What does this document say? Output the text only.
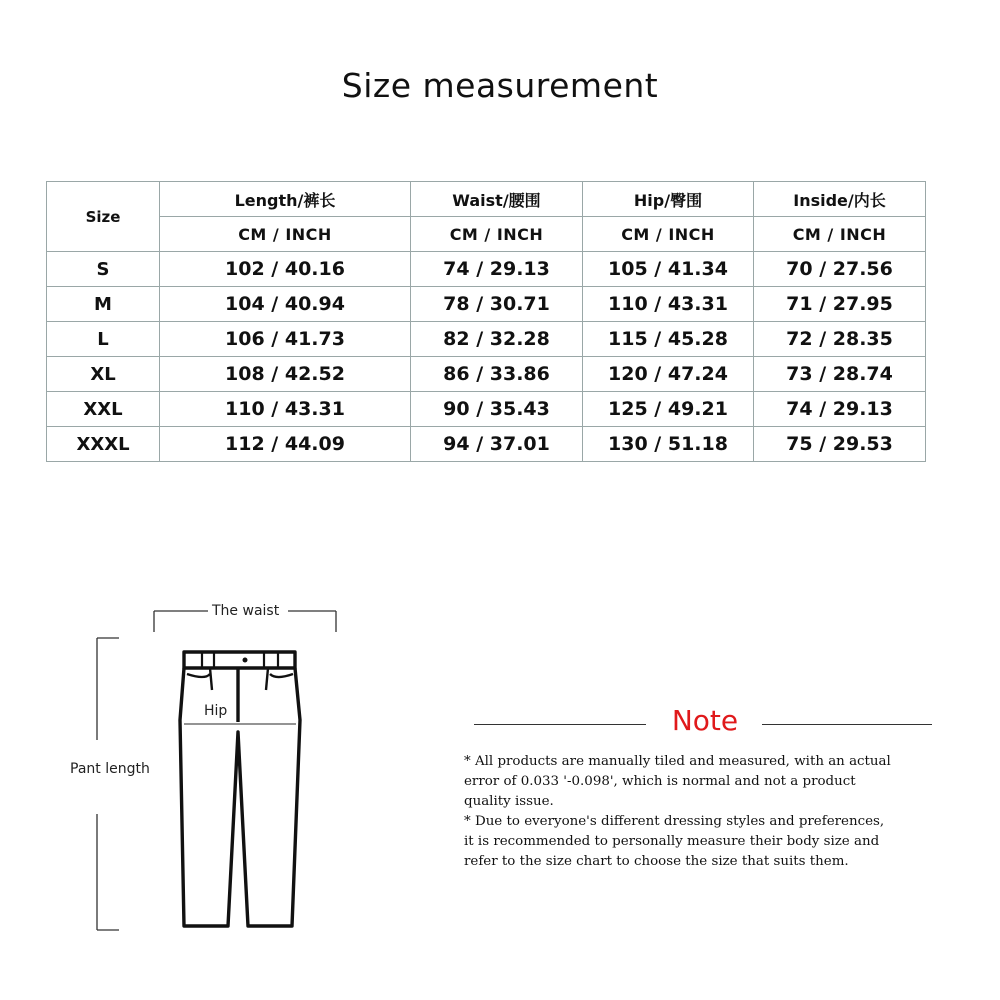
Size measurement
Size	Length/裤长	Waist/腰围	Hip/臀围	Inside/内长
	CM / INCH	CM / INCH	CM / INCH	CM / INCH
S	102 / 40.16	74 / 29.13	105 / 41.34	70 / 27.56
M	104 / 40.94	78 / 30.71	110 / 43.31	71 / 27.95
L	106 / 41.73	82 / 32.28	115 / 45.28	72 / 28.35
XL	108 / 42.52	86 / 33.86	120 / 47.24	73 / 28.74
XXL	110 / 43.31	90 / 35.43	125 / 49.21	74 / 29.13
XXXL	112 / 44.09	94 / 37.01	130 / 51.18	75 / 29.53
The waist
Hip
Pant length
Note

* All products are manually tiled and measured, with an actual
error of 0.033 '-0.098', which is normal and not a product
quality issue.

* Due to everyone's different dressing styles and preferences,
it is recommended to personally measure their body size and
refer to the size chart to choose the size that suits them.
